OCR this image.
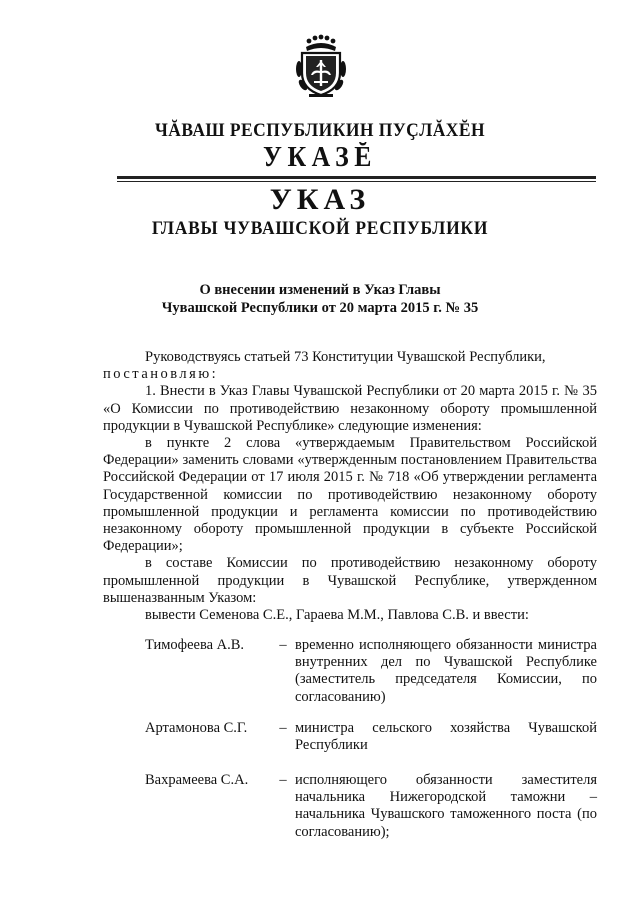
ЧĂВАШ РЕСПУБЛИКИН ПУҪЛĂХĔН
УКАЗĔ
УКАЗ
ГЛАВЫ ЧУВАШСКОЙ РЕСПУБЛИКИ
О внесении изменений в Указ Главы
Чувашской Республики от 20 марта 2015 г. № 35

Руководствуясь статьей 73 Конституции Чувашской Республики,

постановляю:

1. Внести в Указ Главы Чувашской Республики от 20 марта 2015 г. № 35 «О Комиссии по противодействию незаконному обороту промышленной продукции в Чувашской Республике» следующие изменения:

в пункте 2 слова «утверждаемым Правительством Российской Федерации» заменить словами «утвержденным постановлением Правительства Российской Федерации от 17 июля 2015 г. № 718 «Об утверждении регламента Государственной комиссии по противодействию незаконному обороту промышленной продукции и регламента комиссии по противодействию незаконному обороту промышленной продукции в субъекте Российской Федерации»;

в составе Комиссии по противодействию незаконному обороту промышленной продукции в Чувашской Республике, утвержденном вышеназванным Указом:

вывести Семенова С.Е., Гараева М.М., Павлова С.В. и ввести:

Тимофеева А.В.	– временно исполняющего обязанности министра внутренних дел по Чувашской Республике (заместитель председателя Комиссии, по согласованию)
Артамонова С.Г.	– министра сельского хозяйства Чувашской Республики
Вахрамеева С.А.	– исполняющего обязанности заместителя начальника Нижегородской таможни – начальника Чувашского таможенного поста (по согласованию);
